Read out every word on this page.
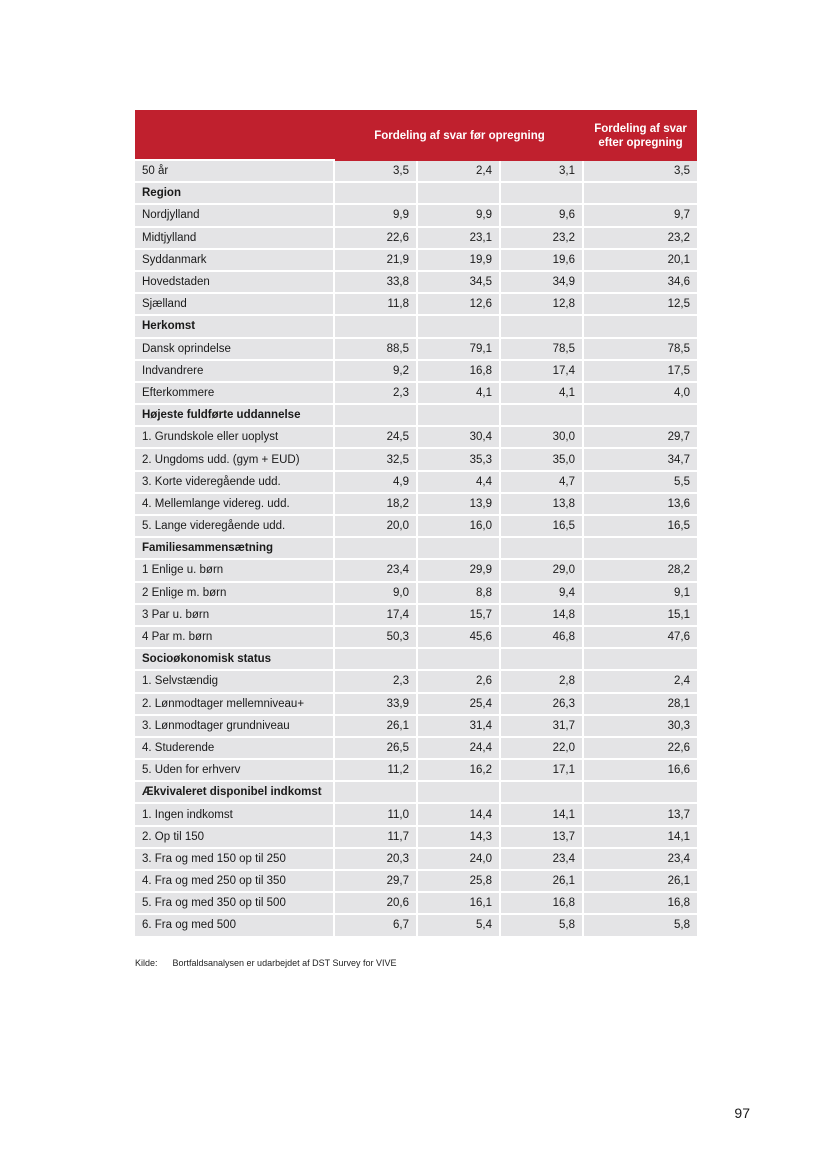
	Fordeling af svar før opregning			Fordeling af svar efter opregning
50 år	3,5	2,4	3,1	3,5
Region				
Nordjylland	9,9	9,9	9,6	9,7
Midtjylland	22,6	23,1	23,2	23,2
Syddanmark	21,9	19,9	19,6	20,1
Hovedstaden	33,8	34,5	34,9	34,6
Sjælland	11,8	12,6	12,8	12,5
Herkomst				
Dansk oprindelse	88,5	79,1	78,5	78,5
Indvandrere	9,2	16,8	17,4	17,5
Efterkommere	2,3	4,1	4,1	4,0
Højeste fuldførte uddannelse				
1. Grundskole eller uoplyst	24,5	30,4	30,0	29,7
2. Ungdoms udd. (gym + EUD)	32,5	35,3	35,0	34,7
3. Korte videregående udd.	4,9	4,4	4,7	5,5
4. Mellemlange videreg. udd.	18,2	13,9	13,8	13,6
5. Lange videregående udd.	20,0	16,0	16,5	16,5
Familiesammensætning				
1 Enlige u. børn	23,4	29,9	29,0	28,2
2 Enlige m. børn	9,0	8,8	9,4	9,1
3 Par u. børn	17,4	15,7	14,8	15,1
4 Par m. børn	50,3	45,6	46,8	47,6
Socioøkonomisk status				
1. Selvstændig	2,3	2,6	2,8	2,4
2. Lønmodtager mellemniveau+	33,9	25,4	26,3	28,1
3. Lønmodtager grundniveau	26,1	31,4	31,7	30,3
4. Studerende	26,5	24,4	22,0	22,6
5. Uden for erhverv	11,2	16,2	17,1	16,6
Ækvivaleret disponibel indkomst				
1. Ingen indkomst	11,0	14,4	14,1	13,7
2. Op til 150	11,7	14,3	13,7	14,1
3. Fra og med 150 op til 250	20,3	24,0	23,4	23,4
4. Fra og med 250 op til 350	29,7	25,8	26,1	26,1
5. Fra og med 350 op til 500	20,6	16,1	16,8	16,8
6. Fra og med 500	6,7	5,4	5,8	5,8
Kilde: Bortfaldsanalysen er udarbejdet af DST Survey for VIVE
97
